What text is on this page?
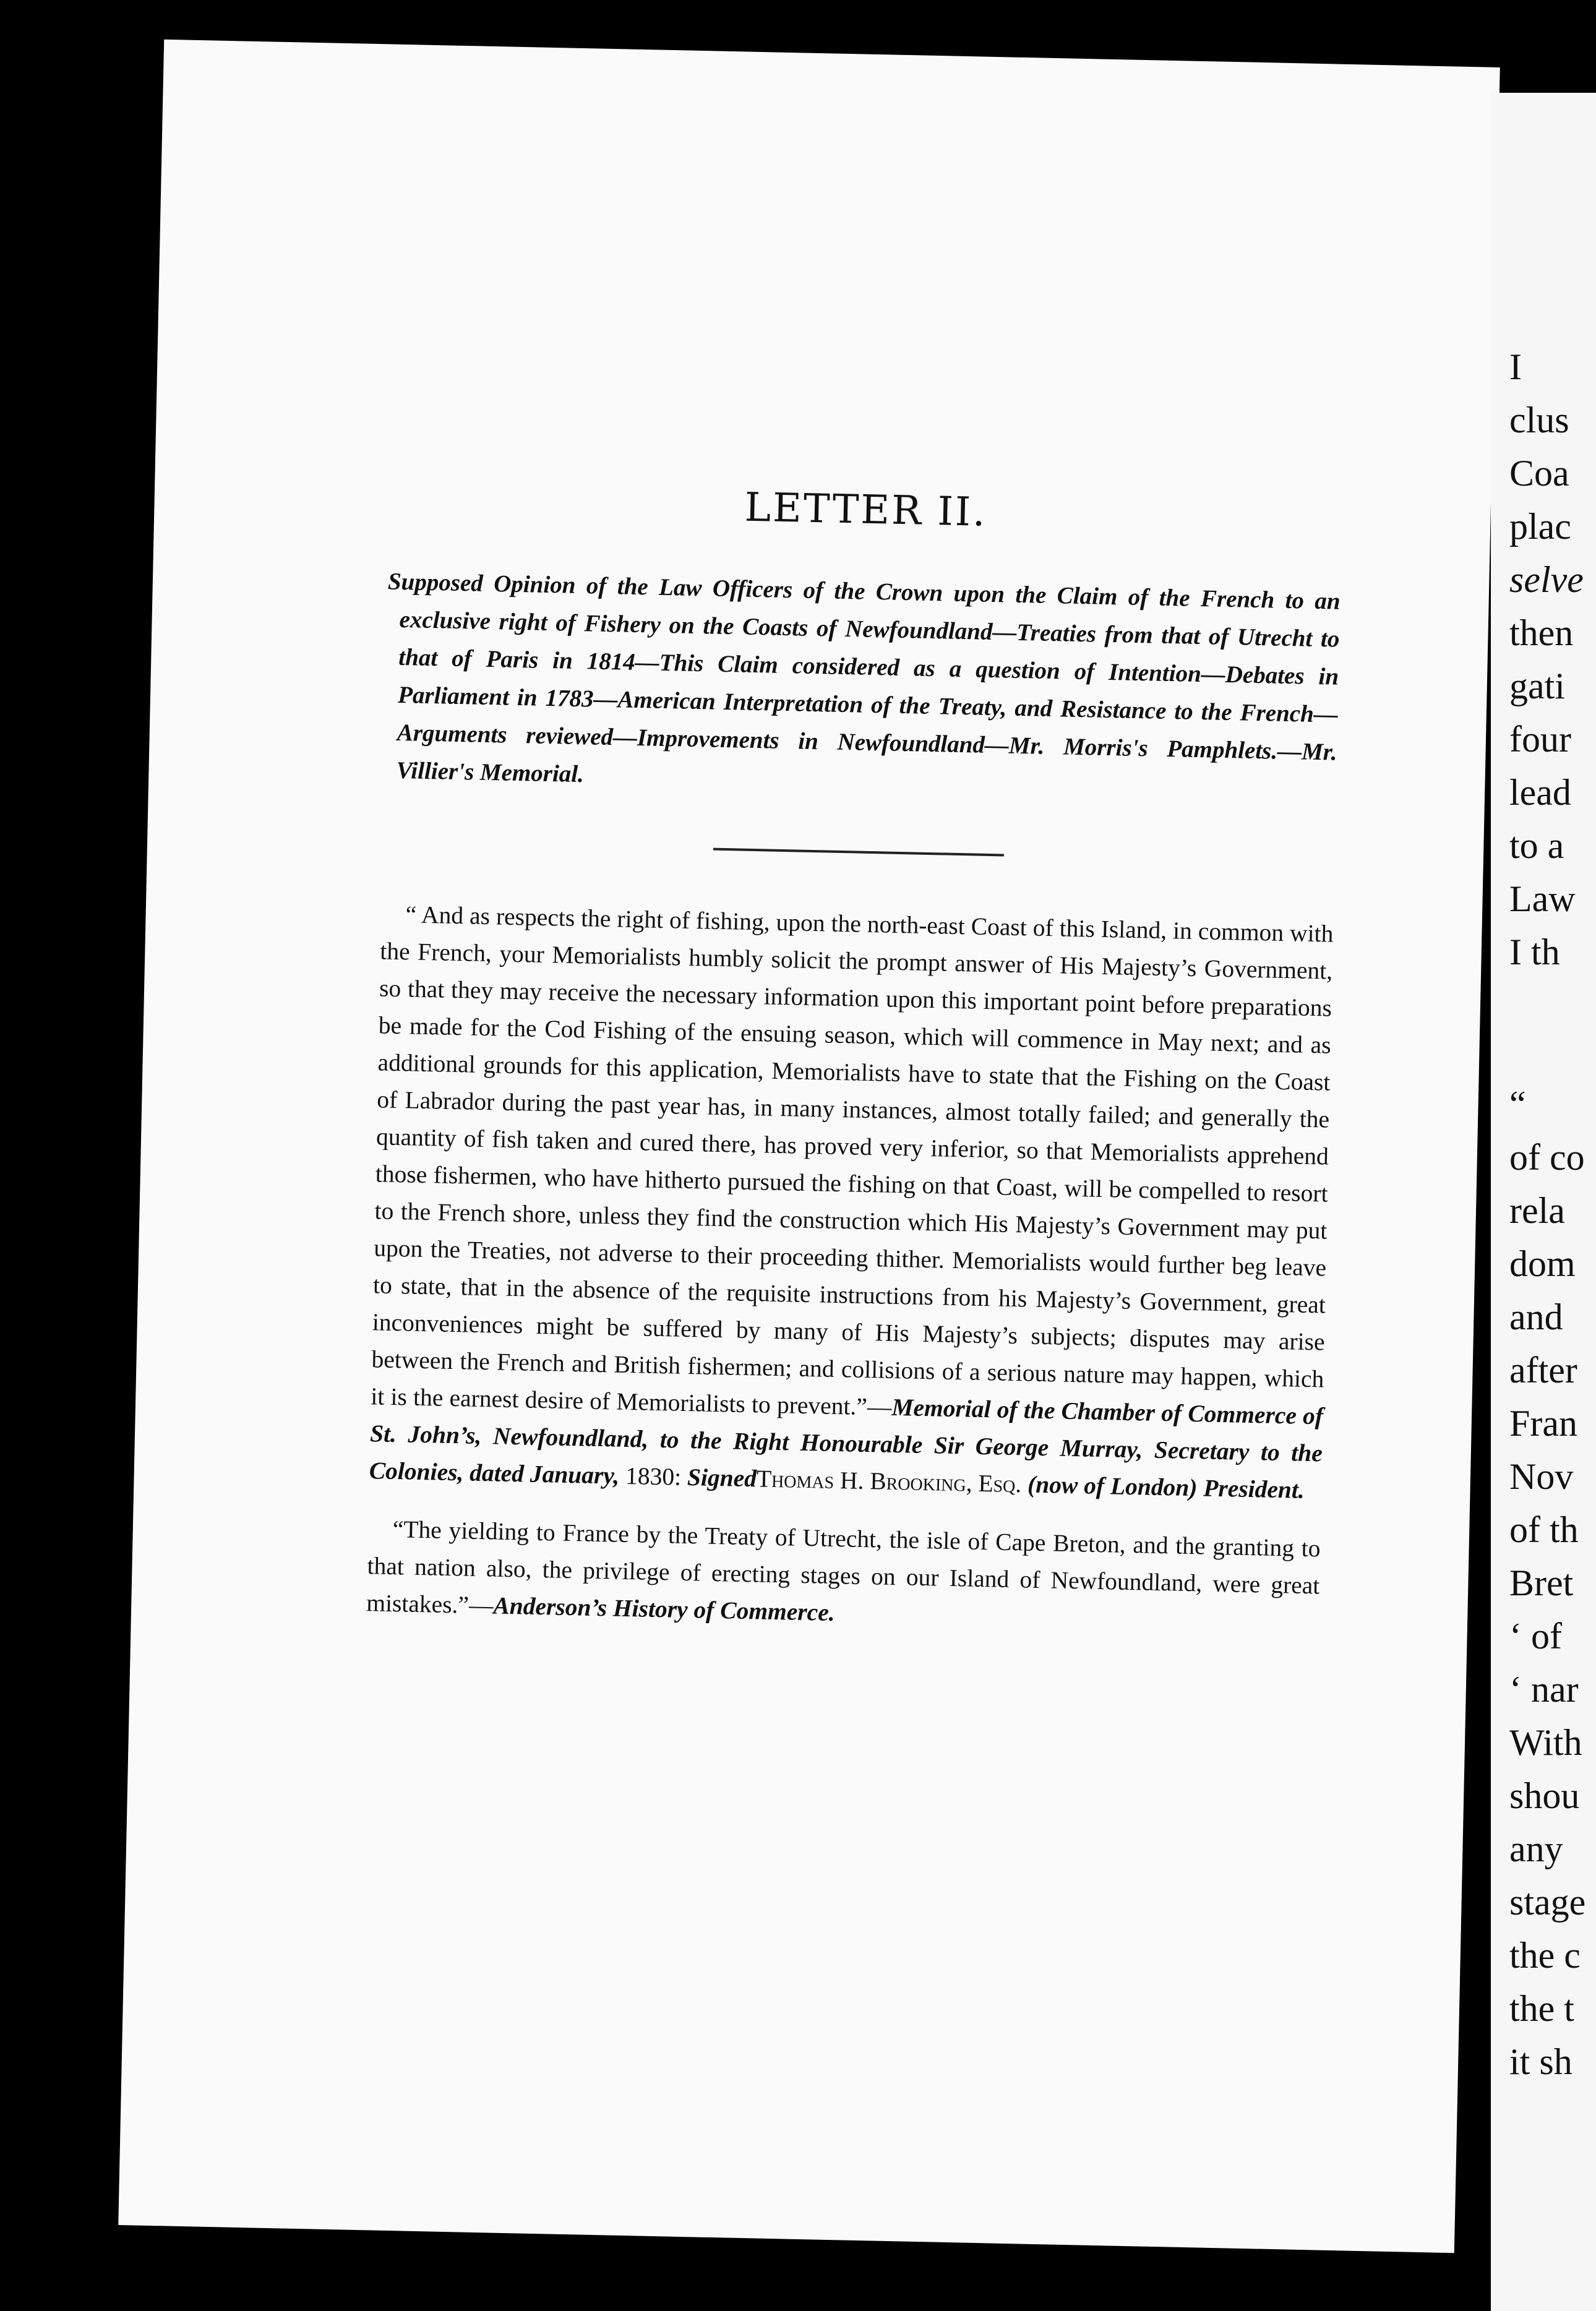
LETTER II.

Supposed Opinion of the Law Officers of the Crown upon the Claim of the French to an exclusive right of Fishery on the Coasts of Newfoundland—Treaties from that of Utrecht to that of Paris in 1814—This Claim considered as a question of Intention—Debates in Parliament in 1783—American Interpretation of the Treaty, and Resistance to the French—Arguments reviewed—Improvements in Newfoundland—Mr. Morris's Pamphlets.—Mr. Villier's Memorial.

“ And as respects the right of fishing, upon the north-east Coast of this Island, in common with the French, your Memorialists humbly solicit the prompt answer of His Majesty’s Government, so that they may receive the necessary information upon this important point before preparations be made for the Cod Fishing of the ensuing season, which will commence in May next; and as additional grounds for this application, Memorialists have to state that the Fishing on the Coast of Labrador during the past year has, in many instances, almost totally failed; and generally the quantity of fish taken and cured there, has proved very inferior, so that Memorialists apprehend those fishermen, who have hitherto pursued the fishing on that Coast, will be compelled to resort to the French shore, unless they find the construction which His Majesty’s Government may put upon the Treaties, not adverse to their proceeding thither. Memorialists would further beg leave to state, that in the absence of the requisite instructions from his Majesty’s Government, great inconveniences might be suffered by many of His Majesty’s subjects; disputes may arise between the French and British fishermen; and collisions of a serious nature may happen, which it is the earnest desire of Memorialists to prevent.”—Memorial of the Chamber of Commerce of St. John’s, Newfoundland, to the Right Honourable Sir George Murray, Secretary to the Colonies, dated January, 1830: SignedThomas H. Brooking, Esq. (now of London) President.

“The yielding to France by the Treaty of Utrecht, the isle of Cape Breton, and the granting to that nation also, the privilege of erecting stages on our Island of Newfoundland, were great mistakes.”—Anderson’s History of Commerce.

I
clus
Coa
plac
selve
then
gati
four
lead
to a
Law
I th
“
of co
rela
dom
and
after
Fran
Nov
of th
Bret
‘ of
‘ nar
With
shou
any
stage
the c
the t
it sh
